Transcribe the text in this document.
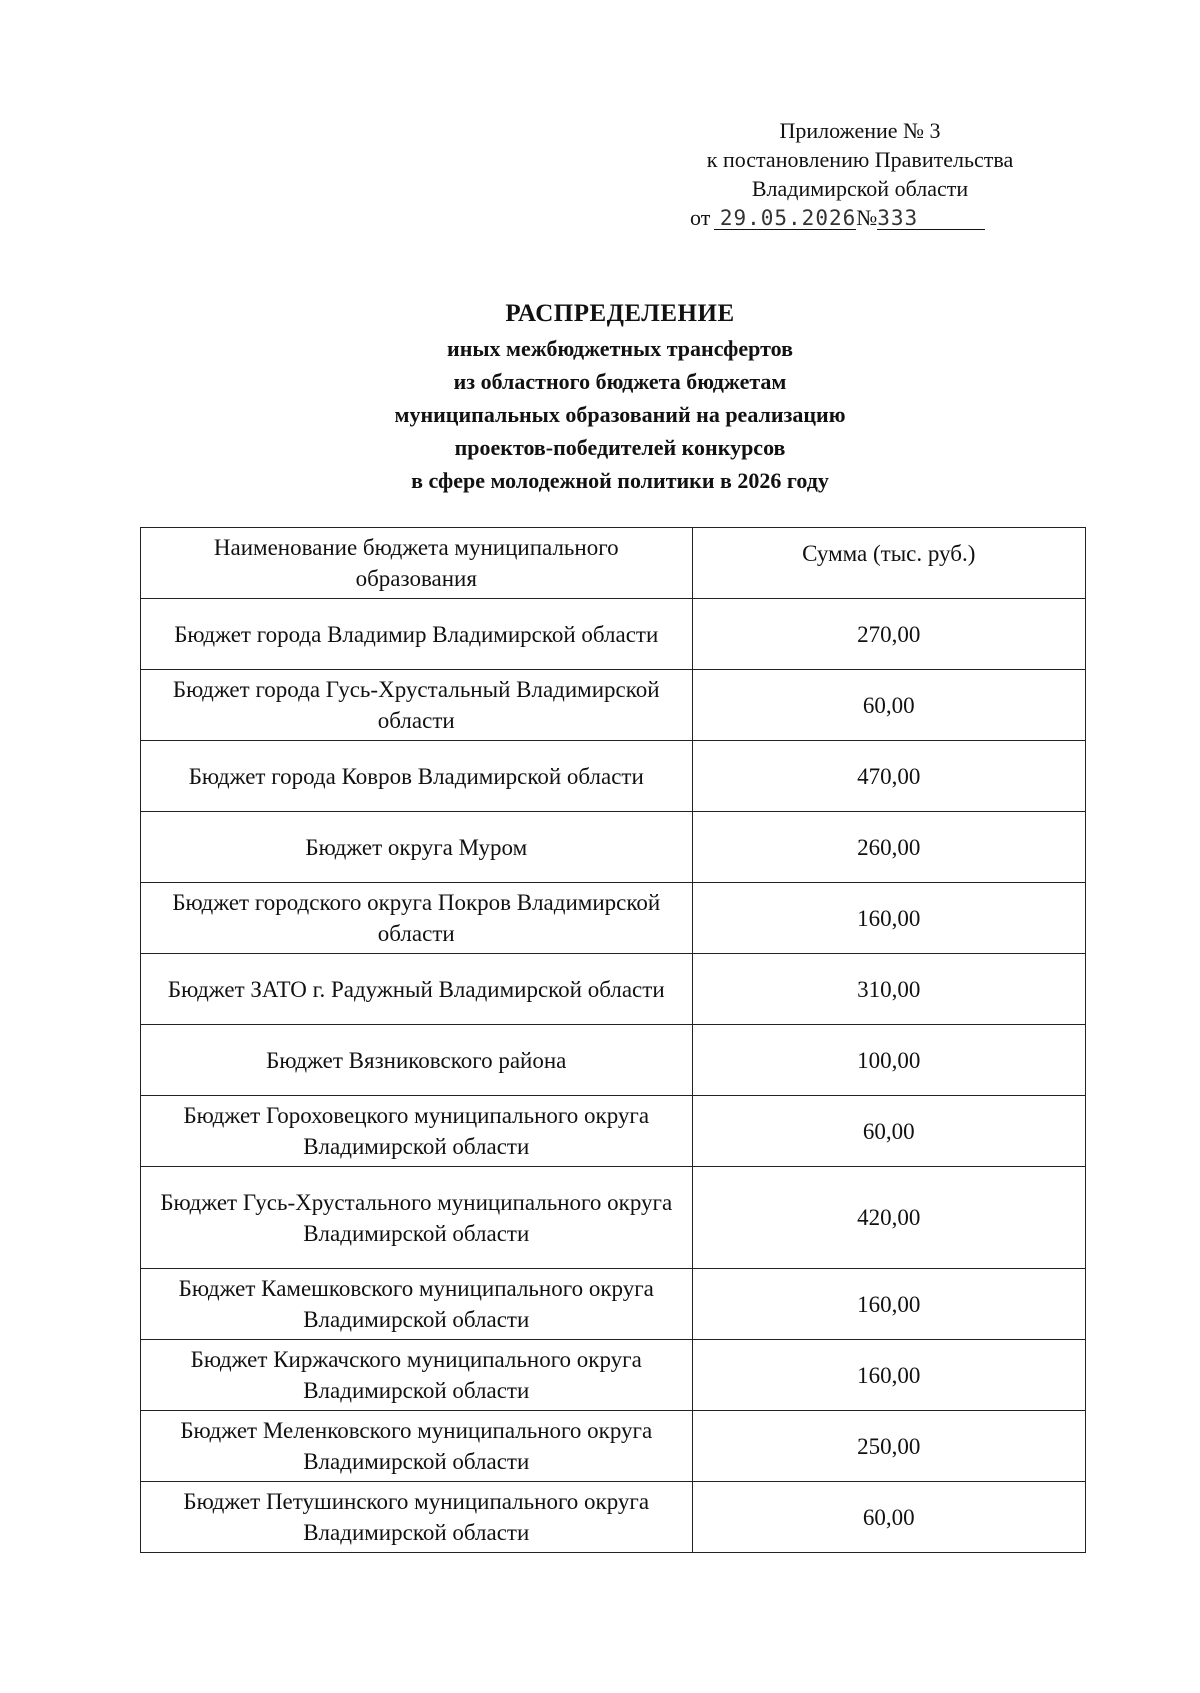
Приложение № 3
к постановлению Правительства
Владимирской области
от 29.05.2026№333
РАСПРЕДЕЛЕНИЕ
иных межбюджетных трансфертов
из областного бюджета бюджетам
муниципальных образований на реализацию
проектов-победителей конкурсов
в сфере молодежной политики в 2026 году
Наименование бюджета муниципального образования	Сумма (тыс. руб.)
Бюджет города Владимир Владимирской области	270,00
Бюджет города Гусь-Хрустальный Владимирской области	60,00
Бюджет города Ковров Владимирской области	470,00
Бюджет округа Муром	260,00
Бюджет городского округа Покров Владимирской области	160,00
Бюджет ЗАТО г. Радужный Владимирской области	310,00
Бюджет Вязниковского района	100,00
Бюджет Гороховецкого муниципального округа Владимирской области	60,00
Бюджет Гусь-Хрустального муниципального округа Владимирской области	420,00
Бюджет Камешковского муниципального округа Владимирской области	160,00
Бюджет Киржачского муниципального округа Владимирской области	160,00
Бюджет Меленковского муниципального округа Владимирской области	250,00
Бюджет Петушинского муниципального округа Владимирской области	60,00
